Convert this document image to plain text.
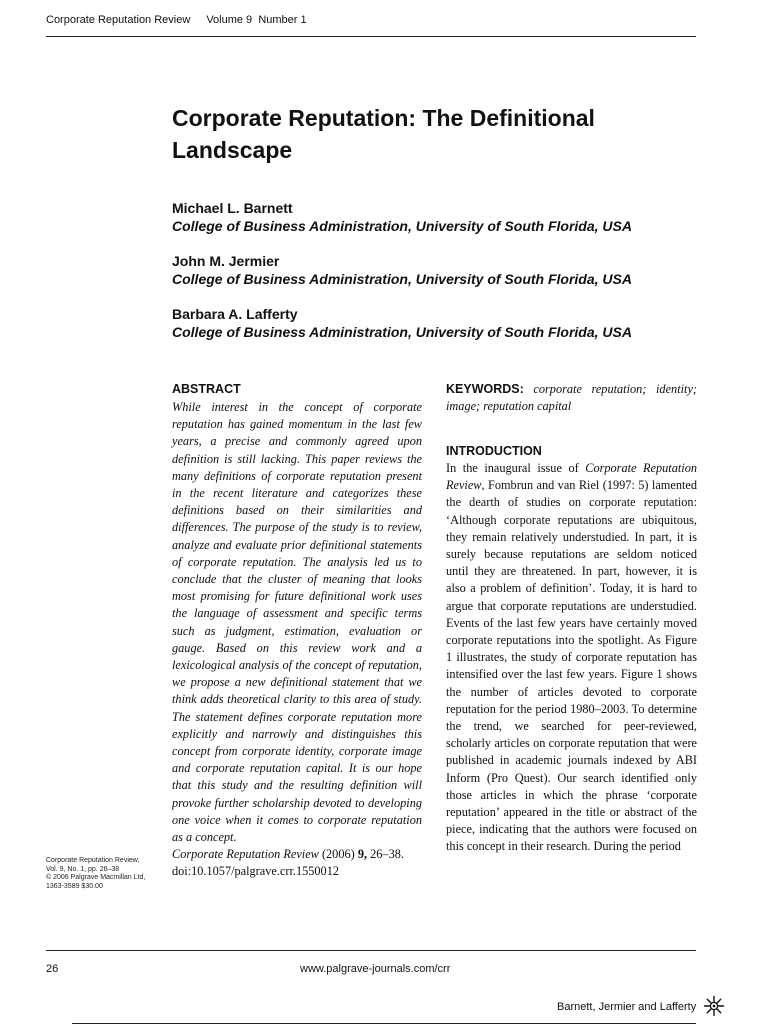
Corporate Reputation Review Volume 9 Number 1
Corporate Reputation: The Definitional Landscape
Michael L. Barnett
College of Business Administration, University of South Florida, USA
John M. Jermier
College of Business Administration, University of South Florida, USA
Barbara A. Lafferty
College of Business Administration, University of South Florida, USA
ABSTRACT
While interest in the concept of corporate reputation has gained momentum in the last few years, a precise and commonly agreed upon definition is still lacking. This paper reviews the many definitions of corporate reputation present in the recent literature and categorizes these definitions based on their similarities and differences. The purpose of the study is to review, analyze and evaluate prior definitional statements of corporate reputation. The analysis led us to conclude that the cluster of meaning that looks most promising for future definitional work uses the language of assessment and specific terms such as judgment, estimation, evaluation or gauge. Based on this review work and a lexicological analysis of the concept of reputation, we propose a new definitional statement that we think adds theoretical clarity to this area of study. The statement defines corporate reputation more explicitly and narrowly and distinguishes this concept from corporate identity, corporate image and corporate reputation capital. It is our hope that this study and the resulting definition will provoke further scholarship devoted to developing one voice when it comes to corporate reputation as a concept.
Corporate Reputation Review (2006) 9, 26–38.
doi:10.1057/palgrave.crr.1550012
KEYWORDS: corporate reputation; identity; image; reputation capital
INTRODUCTION
In the inaugural issue of Corporate Reputation Review, Fombrun and van Riel (1997: 5) lamented the dearth of studies on corporate reputation: ‘Although corporate reputations are ubiquitous, they remain relatively understudied. In part, it is surely because reputations are seldom noticed until they are threatened. In part, however, it is also a problem of definition’. Today, it is hard to argue that corporate reputations are understudied. Events of the last few years have certainly moved corporate reputations into the spotlight. As Figure 1 illustrates, the study of corporate reputation has intensified over the last few years. Figure 1 shows the number of articles devoted to corporate reputation for the period 1980–2003. To determine the trend, we searched for peer-reviewed, scholarly articles on corporate reputation that were published in academic journals indexed by ABI Inform (Pro Quest). Our search identified only those articles in which the phrase ‘corporate reputation’ appeared in the title or abstract of the piece, indicating that the authors were focused on this concept in their research. During the period
Corporate Reputation Review,
Vol. 9, No. 1, pp. 26–38
© 2006 Palgrave Macmillan Ltd,
1363-3589 $30.00
26	www.palgrave-journals.com/crr
Barnett, Jermier and Lafferty
